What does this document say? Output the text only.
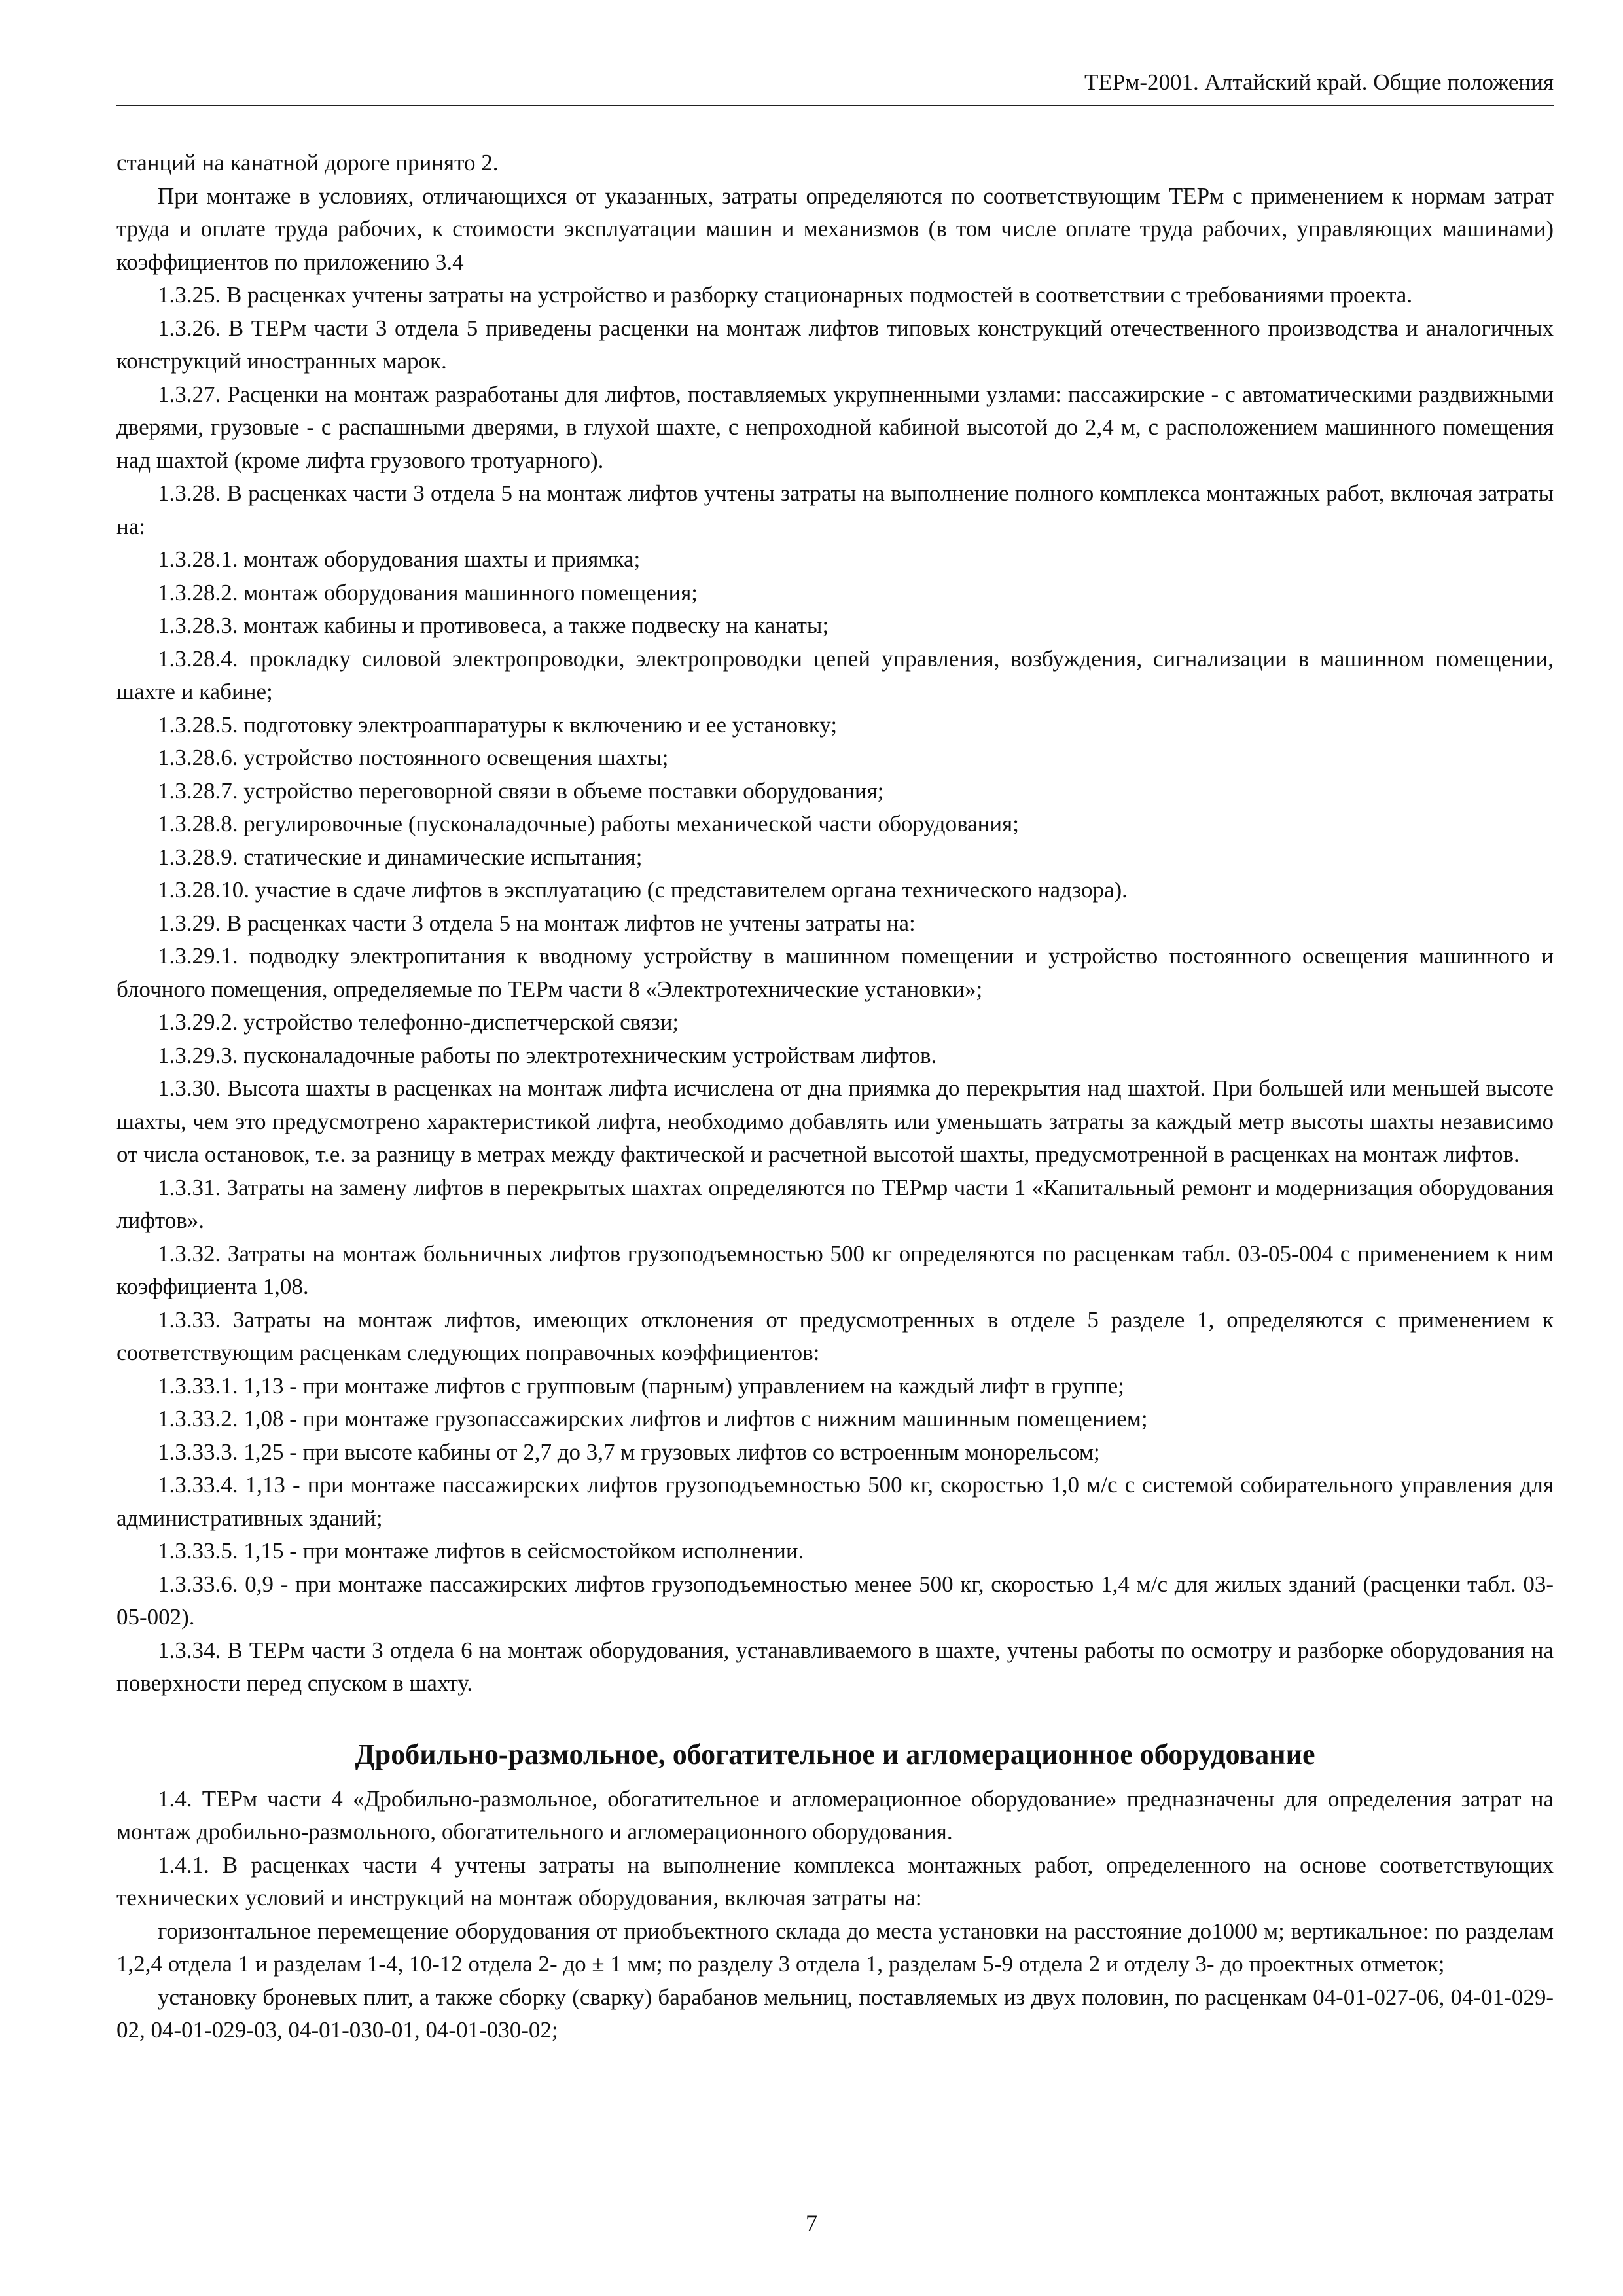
ТЕРм-2001. Алтайский край. Общие положения

станций на канатной дороге принято 2.

При монтаже в условиях, отличающихся от указанных, затраты определяются по соответствующим ТЕРм с применением к нормам затрат труда и оплате труда рабочих, к стоимости эксплуатации машин и механизмов (в том числе оплате труда рабочих, управляющих машинами) коэффициентов по приложению 3.4

1.3.25. В расценках учтены затраты на устройство и разборку стационарных подмостей в соответствии с требованиями проекта.

1.3.26. В ТЕРм части 3 отдела 5 приведены расценки на монтаж лифтов типовых конструкций отечественного производства и аналогичных конструкций иностранных марок.

1.3.27. Расценки на монтаж разработаны для лифтов, поставляемых укрупненными узлами: пассажирские - с автоматическими раздвижными дверями, грузовые - с распашными дверями, в глухой шахте, с непроходной кабиной высотой до 2,4 м, с расположением машинного помещения над шахтой (кроме лифта грузового тротуарного).

1.3.28. В расценках части 3 отдела 5 на монтаж лифтов учтены затраты на выполнение полного комплекса монтажных работ, включая затраты на:

1.3.28.1. монтаж оборудования шахты и приямка;

1.3.28.2. монтаж оборудования машинного помещения;

1.3.28.3. монтаж кабины и противовеса, а также подвеску на канаты;

1.3.28.4. прокладку силовой электропроводки, электропроводки цепей управления, возбуждения, сигнализации в машинном помещении, шахте и кабине;

1.3.28.5. подготовку электроаппаратуры к включению и ее установку;

1.3.28.6. устройство постоянного освещения шахты;

1.3.28.7. устройство переговорной связи в объеме поставки оборудования;

1.3.28.8. регулировочные (пусконаладочные) работы механической части оборудования;

1.3.28.9. статические и динамические испытания;

1.3.28.10. участие в сдаче лифтов в эксплуатацию (с представителем органа технического надзора).

1.3.29. В расценках части 3 отдела 5 на монтаж лифтов не учтены затраты на:

1.3.29.1. подводку электропитания к вводному устройству в машинном помещении и устройство постоянного освещения машинного и блочного помещения, определяемые по ТЕРм части 8 «Электротехнические установки»;

1.3.29.2. устройство телефонно-диспетчерской связи;

1.3.29.3. пусконаладочные работы по электротехническим устройствам лифтов.

1.3.30. Высота шахты в расценках на монтаж лифта исчислена от дна приямка до перекрытия над шахтой. При большей или меньшей высоте шахты, чем это предусмотрено характеристикой лифта, необходимо добавлять или уменьшать затраты за каждый метр высоты шахты независимо от числа остановок, т.е. за разницу в метрах между фактической и расчетной высотой шахты, предусмотренной в расценках на монтаж лифтов.

1.3.31. Затраты на замену лифтов в перекрытых шахтах определяются по ТЕРмр части 1 «Капитальный ремонт и модернизация оборудования лифтов».

1.3.32. Затраты на монтаж больничных лифтов грузоподъемностью 500 кг определяются по расценкам табл. 03-05-004 с применением к ним коэффициента 1,08.

1.3.33. Затраты на монтаж лифтов, имеющих отклонения от предусмотренных в отделе 5 разделе 1, определяются с применением к соответствующим расценкам следующих поправочных коэффициентов:

1.3.33.1. 1,13 - при монтаже лифтов с групповым (парным) управлением на каждый лифт в группе;

1.3.33.2. 1,08 - при монтаже грузопассажирских лифтов и лифтов с нижним машинным помещением;

1.3.33.3. 1,25 - при высоте кабины от 2,7 до 3,7 м грузовых лифтов со встроенным монорельсом;

1.3.33.4. 1,13 - при монтаже пассажирских лифтов грузоподъемностью 500 кг, скоростью 1,0 м/с с системой собирательного управления для административных зданий;

1.3.33.5. 1,15 - при монтаже лифтов в сейсмостойком исполнении.

1.3.33.6. 0,9 - при монтаже пассажирских лифтов грузоподъемностью менее 500 кг, скоростью 1,4 м/с для жилых зданий (расценки табл. 03-05-002).

1.3.34. В ТЕРм части 3 отдела 6 на монтаж оборудования, устанавливаемого в шахте, учтены работы по осмотру и разборке оборудования на поверхности перед спуском в шахту.

Дробильно-размольное, обогатительное и агломерационное оборудование

1.4. ТЕРм части 4 «Дробильно-размольное, обогатительное и агломерационное оборудование» предназначены для определения затрат на монтаж дробильно-размольного, обогатительного и агломерационного оборудования.

1.4.1. В расценках части 4 учтены затраты на выполнение комплекса монтажных работ, определенного на основе соответствующих технических условий и инструкций на монтаж оборудования, включая затраты на:

горизонтальное перемещение оборудования от приобъектного склада до места установки на расстояние до1000 м; вертикальное: по разделам 1,2,4 отдела 1 и разделам 1-4, 10-12 отдела 2- до ± 1 мм; по разделу 3 отдела 1, разделам 5-9 отдела 2 и отделу 3- до проектных отметок;

установку броневых плит, а также сборку (сварку) барабанов мельниц, поставляемых из двух половин, по расценкам 04-01-027-06, 04-01-029-02, 04-01-029-03, 04-01-030-01, 04-01-030-02;

7
